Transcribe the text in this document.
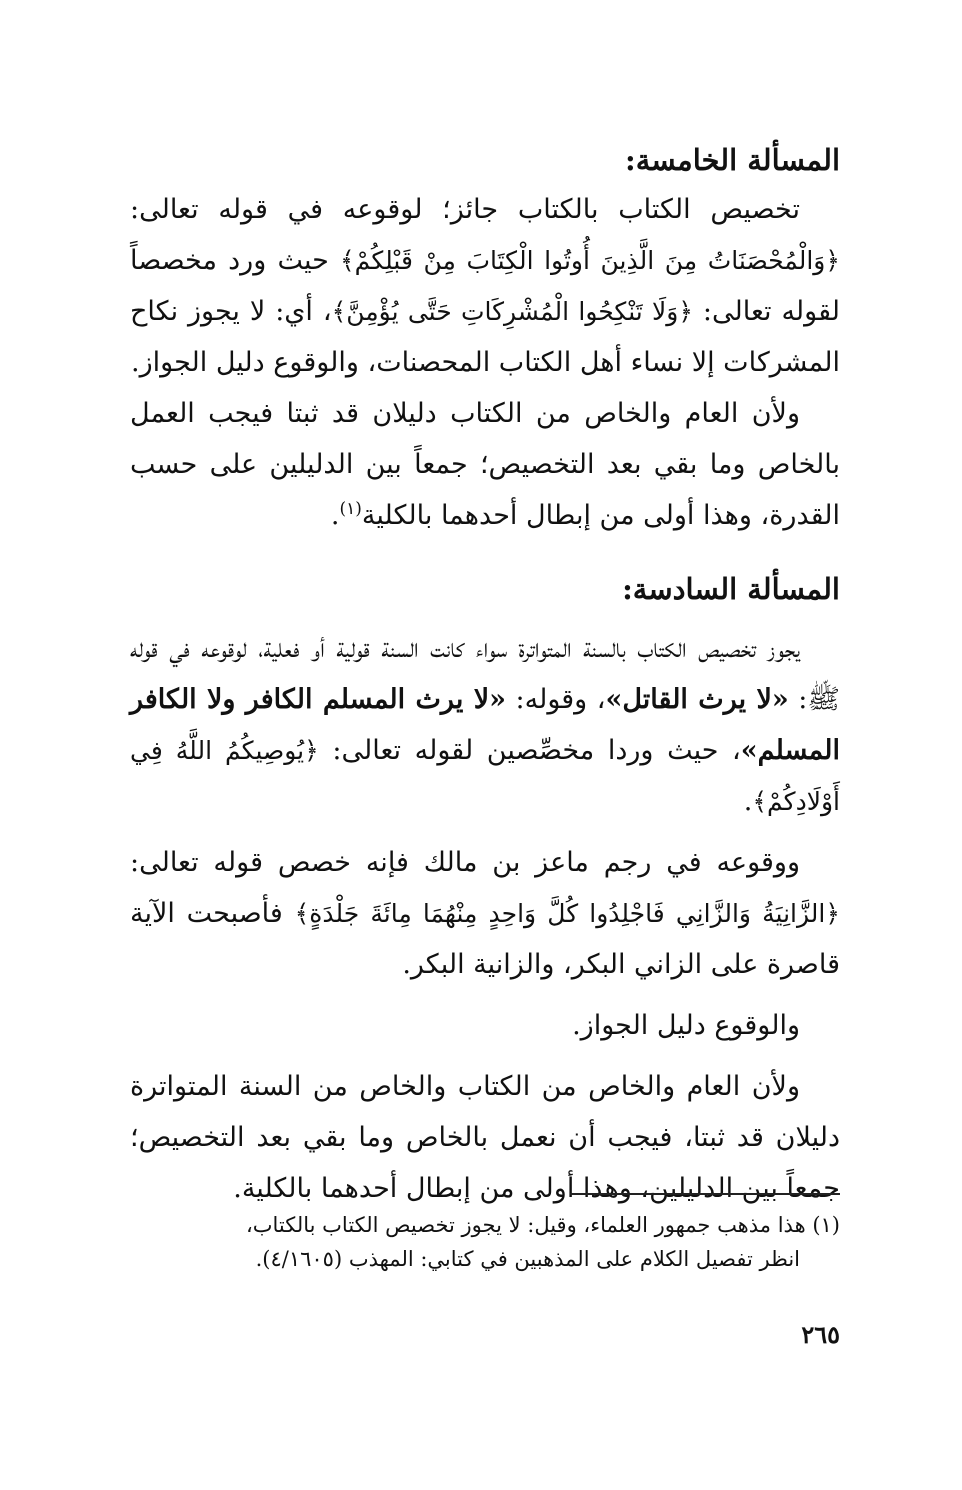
المسألة الخامسة:

تخصيص الكتاب بالكتاب جائز؛ لوقوعه في قوله تعالى: ﴿وَالْمُحْصَنَاتُ مِنَ الَّذِينَ أُوتُوا الْكِتَابَ مِنْ قَبْلِكُمْ﴾ حيث ورد مخصصاً لقوله تعالى: ﴿وَلَا تَنْكِحُوا الْمُشْرِكَاتِ حَتَّى يُؤْمِنَّ﴾، أي: لا يجوز نكاح المشركات إلا نساء أهل الكتاب المحصنات، والوقوع دليل الجواز.

ولأن العام والخاص من الكتاب دليلان قد ثبتا فيجب العمل بالخاص وما بقي بعد التخصيص؛ جمعاً بين الدليلين على حسب القدرة، وهذا أولى من إبطال أحدهما بالكلية$^{(١)}$.

المسألة السادسة:

يجوز تخصيص الكتاب بالسنة المتواترة سواء كانت السنة قولية أو فعلية، لوقوعه في قوله ﷺ: «لا يرث القاتل»، وقوله: «لا يرث المسلم الكافر ولا الكافر المسلم»، حيث وردا مخصِّصين لقوله تعالى: ﴿يُوصِيكُمُ اللَّهُ فِي أَوْلَادِكُمْ﴾.

ووقوعه في رجم ماعز بن مالك فإنه خصص قوله تعالى: ﴿الزَّانِيَةُ وَالزَّانِي فَاجْلِدُوا كُلَّ وَاحِدٍ مِنْهُمَا مِائَةَ جَلْدَةٍ﴾ فأصبحت الآية قاصرة على الزاني البكر، والزانية البكر.

والوقوع دليل الجواز.

ولأن العام والخاص من الكتاب والخاص من السنة المتواترة دليلان قد ثبتا، فيجب أن نعمل بالخاص وما بقي بعد التخصيص؛ جمعاً بين الدليلين، وهذا أولى من إبطال أحدهما بالكلية.

(١) هذا مذهب جمهور العلماء، وقيل: لا يجوز تخصيص الكتاب بالكتاب،

انظر تفصيل الكلام على المذهبين في كتابي: المهذب (٤/١٦٠٥).

٢٦٥
